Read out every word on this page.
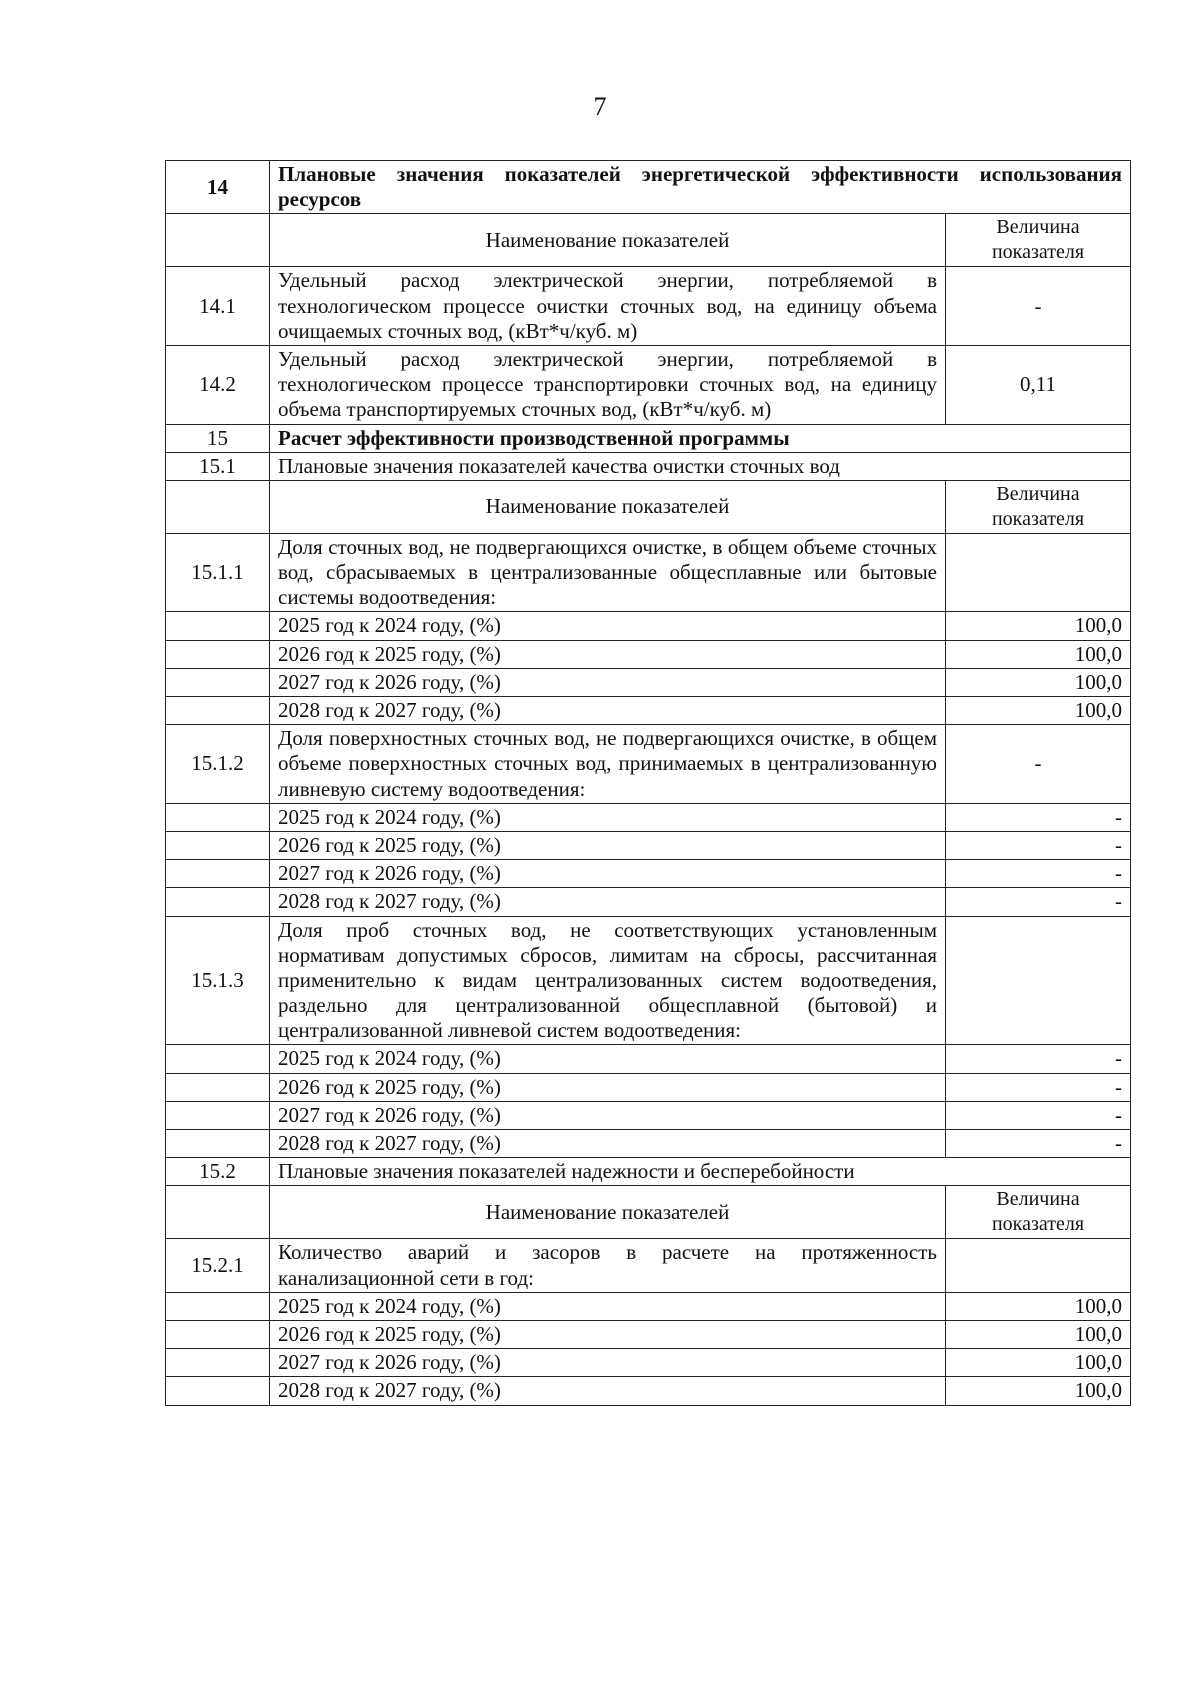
7
14	Плановые значения показателей энергетической эффективности использования ресурсов	
	Наименование показателей	Величина показателя
14.1	Удельный расход электрической энергии, потребляемой в технологическом процессе очистки сточных вод, на единицу объема очищаемых сточных вод, (кВт*ч/куб. м)	-
14.2	Удельный расход электрической энергии, потребляемой в технологическом процессе транспортировки сточных вод, на единицу объема транспортируемых сточных вод, (кВт*ч/куб. м)	0,11
15	Расчет эффективности производственной программы	
15.1	Плановые значения показателей качества очистки сточных вод	
	Наименование показателей	Величина показателя
15.1.1	Доля сточных вод, не подвергающихся очистке, в общем объеме сточных вод, сбрасываемых в централизованные общесплавные или бытовые системы водоотведения:	
	2025 год к 2024 году, (%)	100,0
	2026 год к 2025 году, (%)	100,0
	2027 год к 2026 году, (%)	100,0
	2028 год к 2027 году, (%)	100,0
15.1.2	Доля поверхностных сточных вод, не подвергающихся очистке, в общем объеме поверхностных сточных вод, принимаемых в централизованную ливневую систему водоотведения:	-
	2025 год к 2024 году, (%)	-
	2026 год к 2025 году, (%)	-
	2027 год к 2026 году, (%)	-
	2028 год к 2027 году, (%)	-
15.1.3	Доля проб сточных вод, не соответствующих установленным нормативам допустимых сбросов, лимитам на сбросы, рассчитанная применительно к видам централизованных систем водоотведения, раздельно для централизованной общесплавной (бытовой) и централизованной ливневой систем водоотведения:	
	2025 год к 2024 году, (%)	-
	2026 год к 2025 году, (%)	-
	2027 год к 2026 году, (%)	-
	2028 год к 2027 году, (%)	-
15.2	Плановые значения показателей надежности и бесперебойности	
	Наименование показателей	Величина показателя
15.2.1	Количество аварий и засоров в расчете на протяженность канализационной сети в год:	
	2025 год к 2024 году, (%)	100,0
	2026 год к 2025 году, (%)	100,0
	2027 год к 2026 году, (%)	100,0
	2028 год к 2027 году, (%)	100,0
